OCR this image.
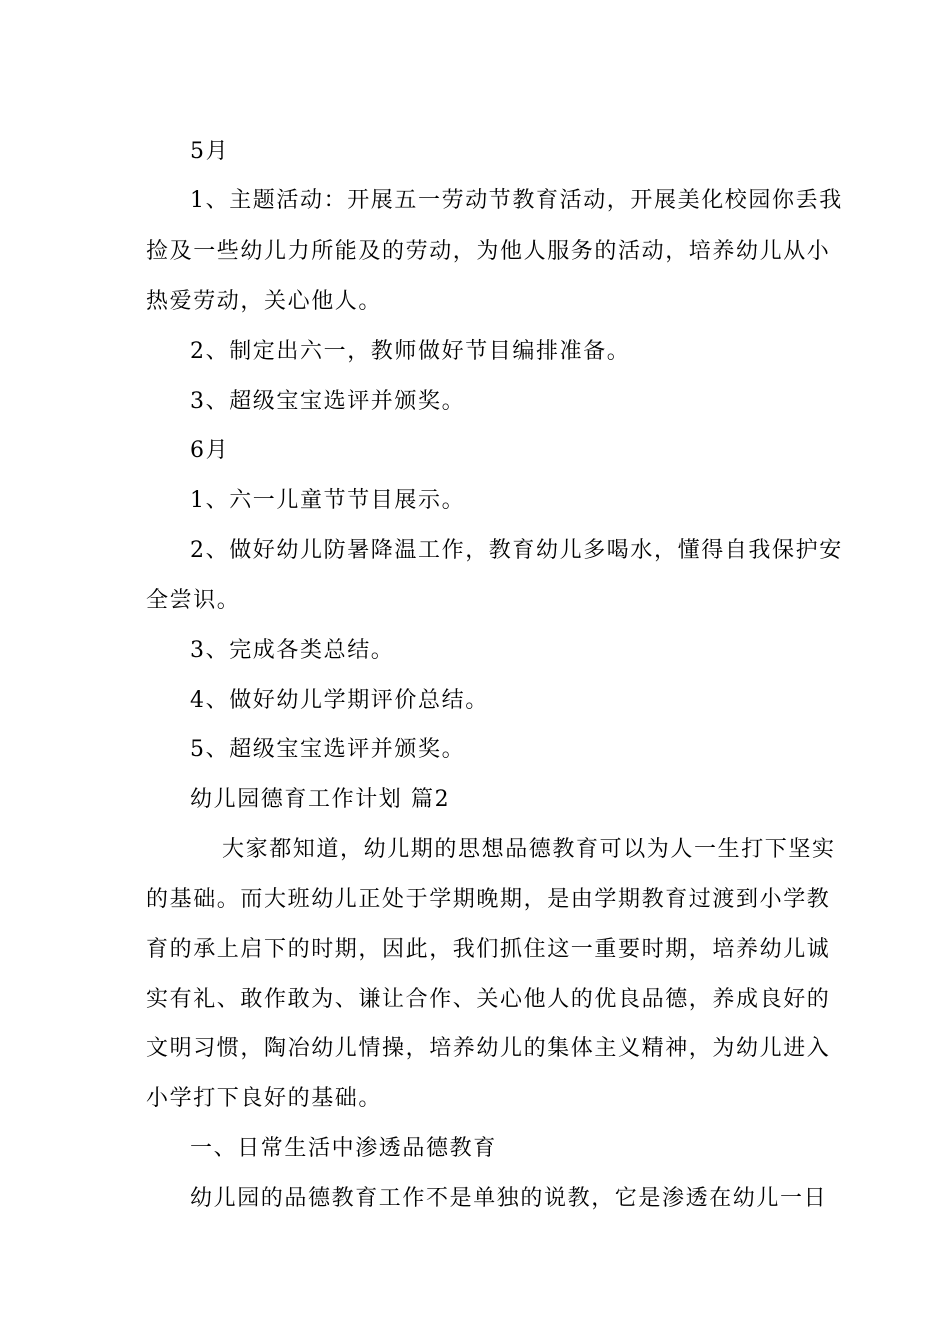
5月
1、主题活动：开展五一劳动节教育活动，开展美化校园你丢我
捡及一些幼儿力所能及的劳动，为他人服务的活动，培养幼儿从小
热爱劳动，关心他人。
2、制定出六一，教师做好节目编排准备。
3、超级宝宝选评并颁奖。
6月
1、六一儿童节节目展示。
2、做好幼儿防暑降温工作，教育幼儿多喝水，懂得自我保护安
全尝识。
3、完成各类总结。
4、做好幼儿学期评价总结。
5、超级宝宝选评并颁奖。
幼儿园德育工作计划 篇2
大家都知道，幼儿期的思想品德教育可以为人一生打下坚实
的基础。而大班幼儿正处于学期晚期，是由学期教育过渡到小学教
育的承上启下的时期，因此，我们抓住这一重要时期，培养幼儿诚
实有礼、敢作敢为、谦让合作、关心他人的优良品德，养成良好的
文明习惯，陶冶幼儿情操，培养幼儿的集体主义精神，为幼儿进入
小学打下良好的基础。
一、日常生活中渗透品德教育
幼儿园的品德教育工作不是单独的说教，它是渗透在幼儿一日
